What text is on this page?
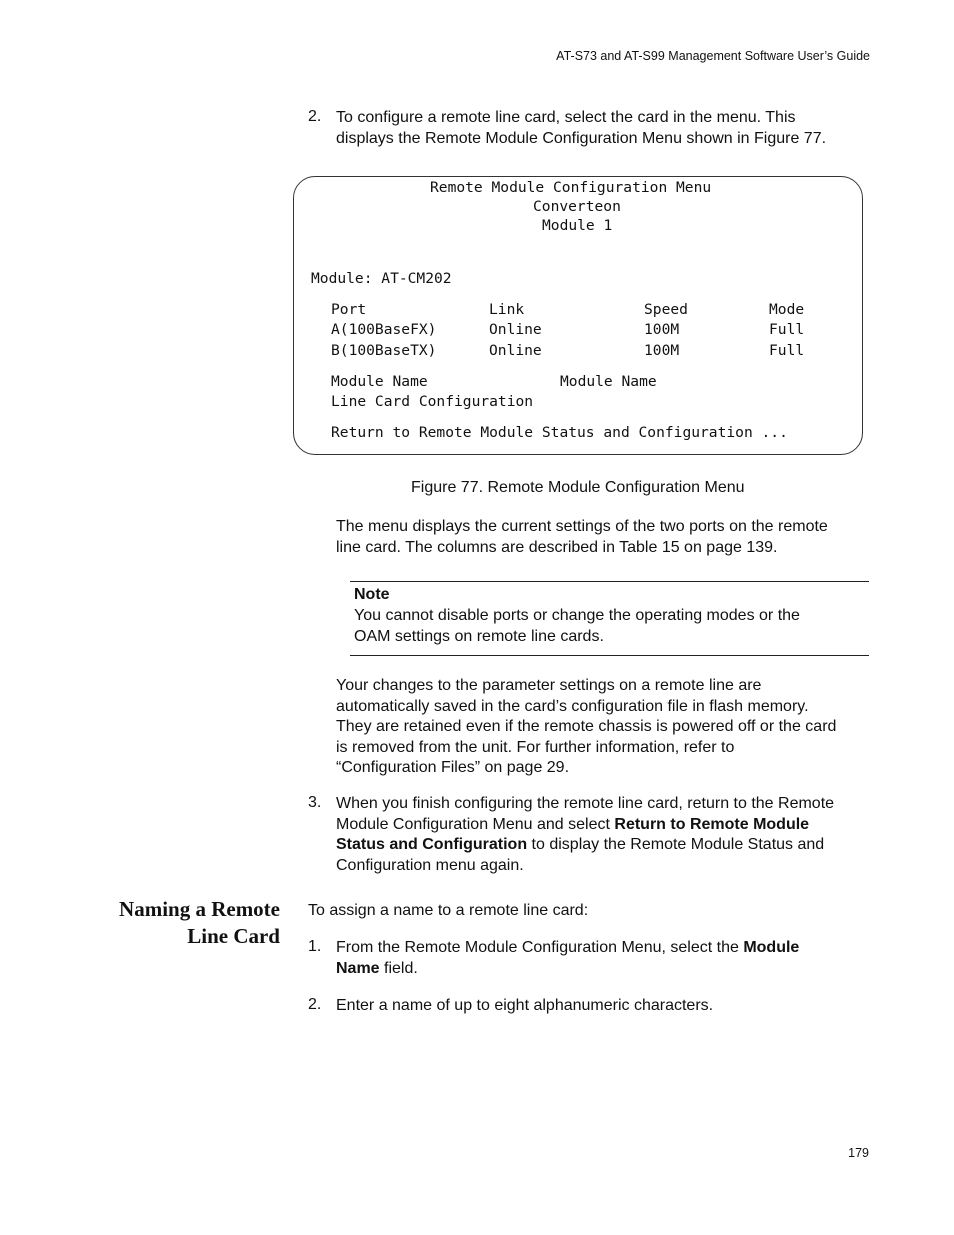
AT-S73 and AT-S99 Management Software User’s Guide
2. To configure a remote line card, select the card in the menu. This
displays the Remote Module Configuration Menu shown in Figure 77.
Remote Module Configuration Menu
Converteon
Module 1
Module: AT-CM202
Port	Link	Speed	Mode
A(100BaseFX)	Online	100M	Full
B(100BaseTX)	Online	100M	Full
Module Name	Module Name
Line Card Configuration
Return to Remote Module Status and Configuration ...
Figure 77. Remote Module Configuration Menu
The menu displays the current settings of the two ports on the remote
line card. The columns are described in Table 15 on page 139.
Note
You cannot disable ports or change the operating modes or the
OAM settings on remote line cards.
Your changes to the parameter settings on a remote line are
automatically saved in the card’s configuration file in flash memory.
They are retained even if the remote chassis is powered off or the card
is removed from the unit. For further information, refer to
“Configuration Files” on page 29.
3. When you finish configuring the remote line card, return to the Remote
Module Configuration Menu and select Return to Remote Module
Status and Configuration to display the Remote Module Status and
Configuration menu again.
Naming a Remote
Line Card
To assign a name to a remote line card:
1. From the Remote Module Configuration Menu, select the Module
Name field.
2. Enter a name of up to eight alphanumeric characters.
179
